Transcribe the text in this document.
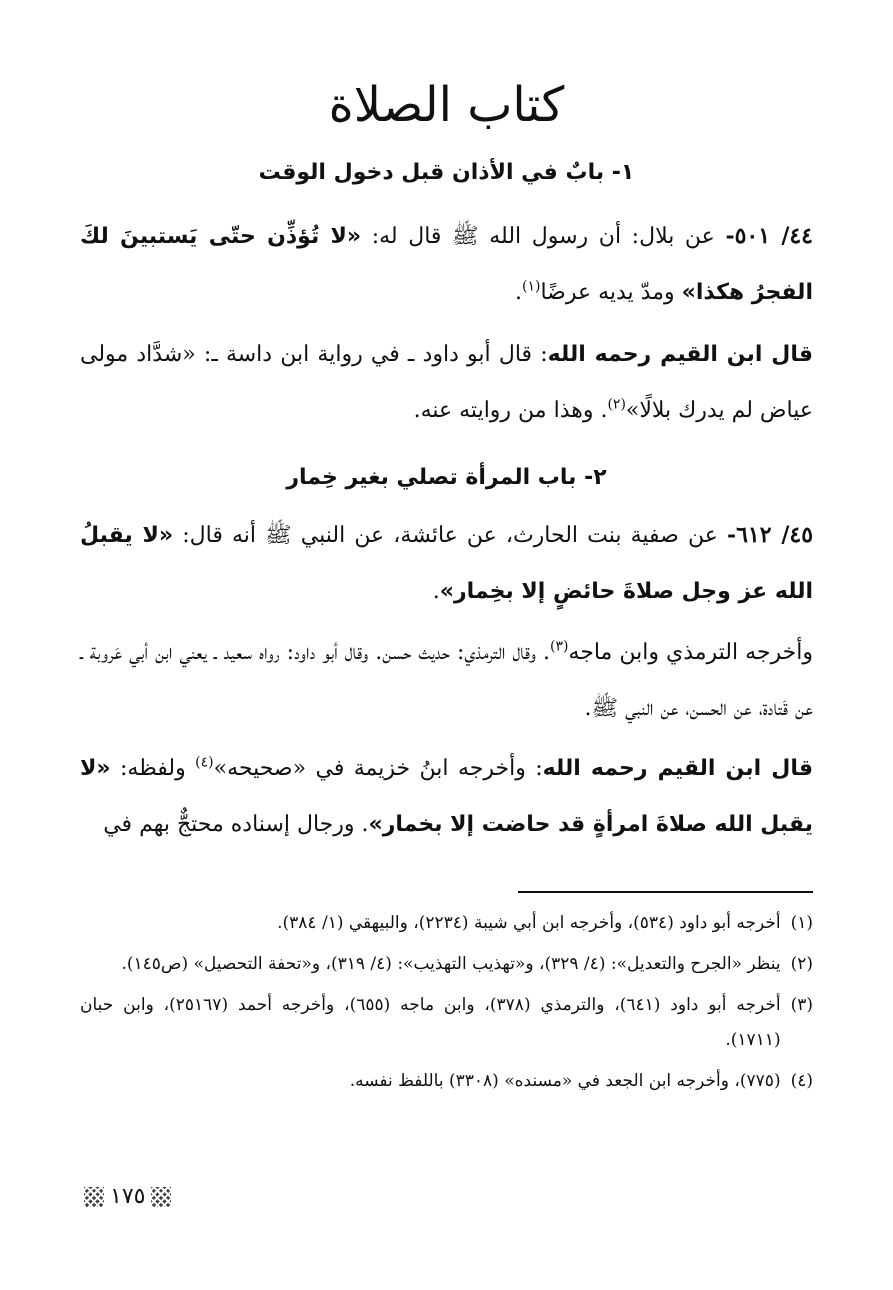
كتاب الصلاة
١- بابٌ في الأذان قبل دخول الوقت

٤٤/ ٥٠١- عن بلال: أن رسول الله ﷺ قال له: «لا تُؤذِّن حتّى يَستبينَ لكَ الفجرُ هكذا» ومدّ يديه عرضًا$^{(١)}$.

قال ابن القيم رحمه الله: قال أبو داود ـ في رواية ابن داسة ـ: «شدَّاد مولى عياض لم يدرك بلالًا»$^{(٢)}$. وهذا من روايته عنه.

٢- باب المرأة تصلي بغير خِمار

٤٥/ ٦١٢- عن صفية بنت الحارث، عن عائشة، عن النبي ﷺ أنه قال: «لا يقبلُ الله عز وجل صلاةَ حائضٍ إلا بخِمار».

وأخرجه الترمذي وابن ماجه$^{(٣)}$. وقال الترمذي: حديث حسن. وقال أبو داود: رواه سعيد ـ يعني ابن أبي عَروبة ـ عن قَتادة، عن الحسن، عن النبي ﷺ.

قال ابن القيم رحمه الله: وأخرجه ابنُ خزيمة في «صحيحه»$^{(٤)}$ ولفظه: «لا يقبل الله صلاةَ امرأةٍ قد حاضت إلا بخمار». ورجال إسناده محتجٌّ بهم في

(١)
أخرجه أبو داود (٥٣٤)، وأخرجه ابن أبي شيبة (٢٢٣٤)، والبيهقي (١/ ٣٨٤).
(٢)
ينظر «الجرح والتعديل»: (٤/ ٣٢٩)، و«تهذيب التهذيب»: (٤/ ٣١٩)، و«تحفة التحصيل» (ص١٤٥).
(٣)
أخرجه أبو داود (٦٤١)، والترمذي (٣٧٨)، وابن ماجه (٦٥٥)، وأخرجه أحمد (٢٥١٦٧)، وابن حبان (١٧١١).
(٤)
(٧٧٥)، وأخرجه ابن الجعد في «مسنده» (٣٣٠٨) باللفظ نفسه.
١٧٥
